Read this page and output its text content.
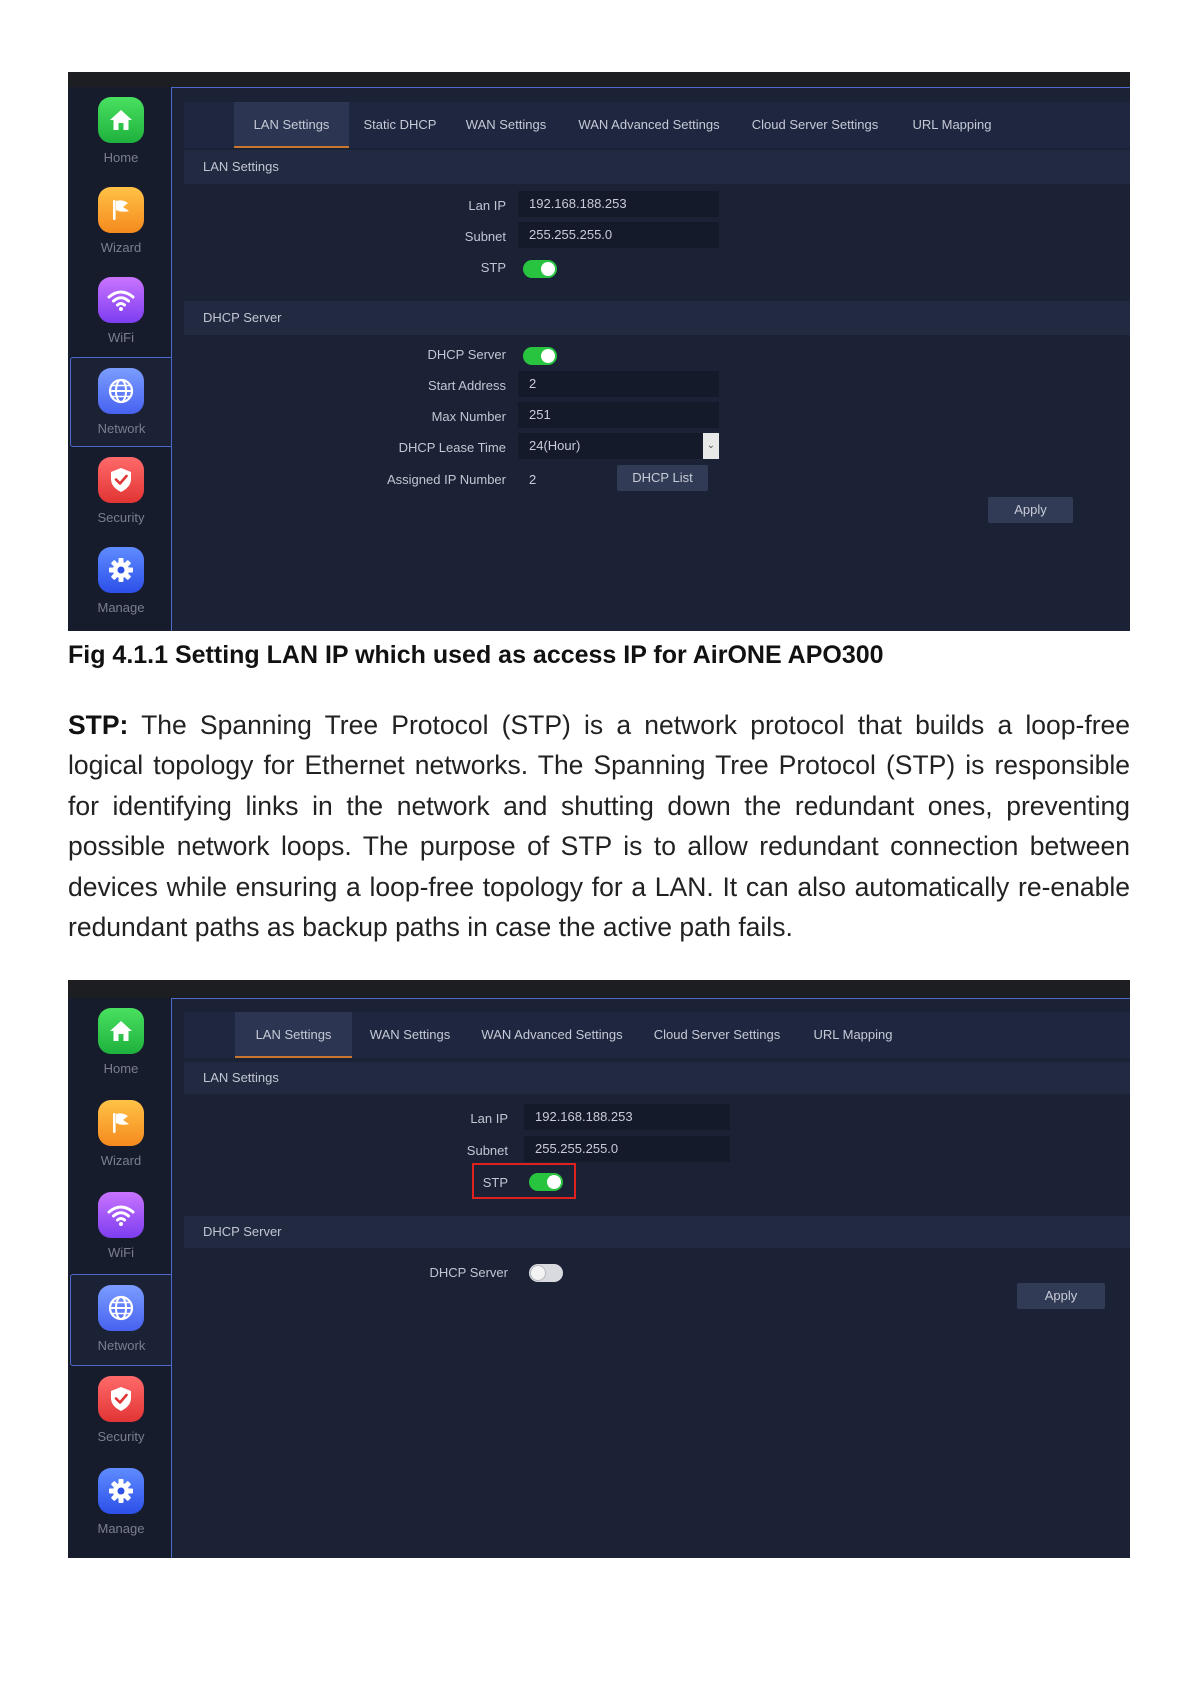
Home
Wizard
WiFi
Network
Security
Manage
LAN Settings	Static DHCP	WAN Settings	WAN Advanced Settings	Cloud Server Settings	URL Mapping
LAN Settings
Lan IP	192.168.188.253
Subnet	255.255.255.0
STP
DHCP Server
DHCP Server
Start Address	2
Max Number	251
DHCP Lease Time	24(Hour)	⌄
Assigned IP Number 2	DHCP List
Apply
Fig 4.1.1 Setting LAN IP which used as access IP for AirONE APO300

STP: The Spanning Tree Protocol (STP) is a network protocol that builds a loop-free logical topology for Ethernet networks. The Spanning Tree Protocol (STP) is responsible for identifying links in the network and shutting down the redundant ones, preventing possible network loops. The purpose of STP is to allow redundant connection between devices while ensuring a loop-free topology for a LAN. It can also automatically re-enable redundant paths as backup paths in case the active path fails.

Home
Wizard
WiFi
Network
Security
Manage
LAN Settings	WAN Settings	WAN Advanced Settings	Cloud Server Settings	URL Mapping
LAN Settings
Lan IP	192.168.188.253
Subnet	255.255.255.0
STP
DHCP Server
DHCP Server
Apply
